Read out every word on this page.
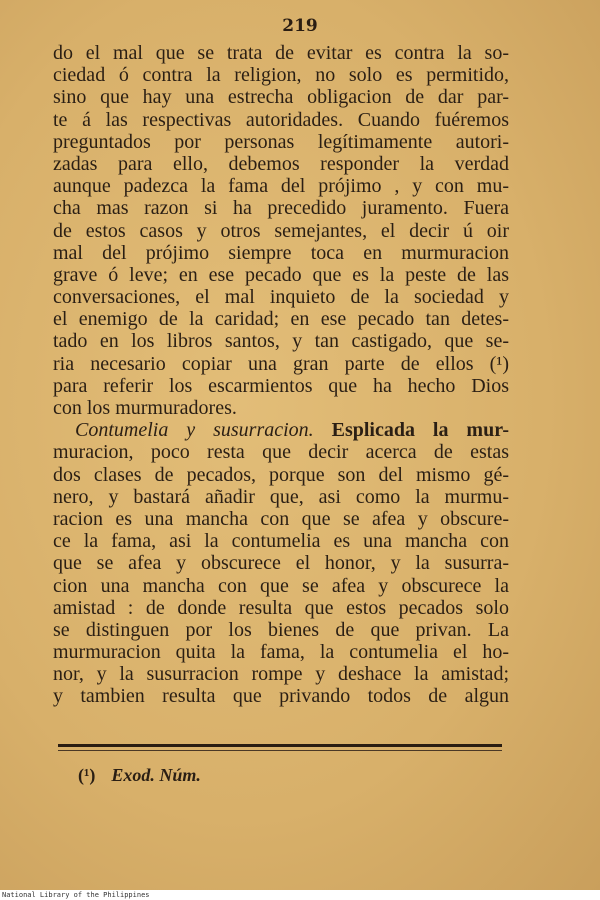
219

do el mal que se trata de evitar es contra la so-
ciedad ó contra la religion, no solo es permitido,
sino que hay una estrecha obligacion de dar par-
te á las respectivas autoridades. Cuando fuéremos
preguntados por personas legítimamente autori-
zadas para ello, debemos responder la verdad
aunque padezca la fama del prójimo , y con mu-
cha mas razon si ha precedido juramento. Fuera
de estos casos y otros semejantes, el decir ú oir
mal del prójimo siempre toca en murmuracion
grave ó leve; en ese pecado que es la peste de las
conversaciones, el mal inquieto de la sociedad y
el enemigo de la caridad; en ese pecado tan detes-
tado en los libros santos, y tan castigado, que se-
ria necesario copiar una gran parte de ellos (¹)
para referir los escarmientos que ha hecho Dios
con los murmuradores.
Contumelia y susurracion. Esplicada la mur-
muracion, poco resta que decir acerca de estas
dos clases de pecados, porque son del mismo gé-
nero, y bastará añadir que, asi como la murmu-
racion es una mancha con que se afea y obscure-
ce la fama, asi la contumelia es una mancha con
que se afea y obscurece el honor, y la susurra-
cion una mancha con que se afea y obscurece la
amistad : de donde resulta que estos pecados solo
se distinguen por los bienes de que privan. La
murmuracion quita la fama, la contumelia el ho-
nor, y la susurracion rompe y deshace la amistad;
y tambien resulta que privando todos de algun

(¹) Exod. Núm.

National Library of the Philippines
